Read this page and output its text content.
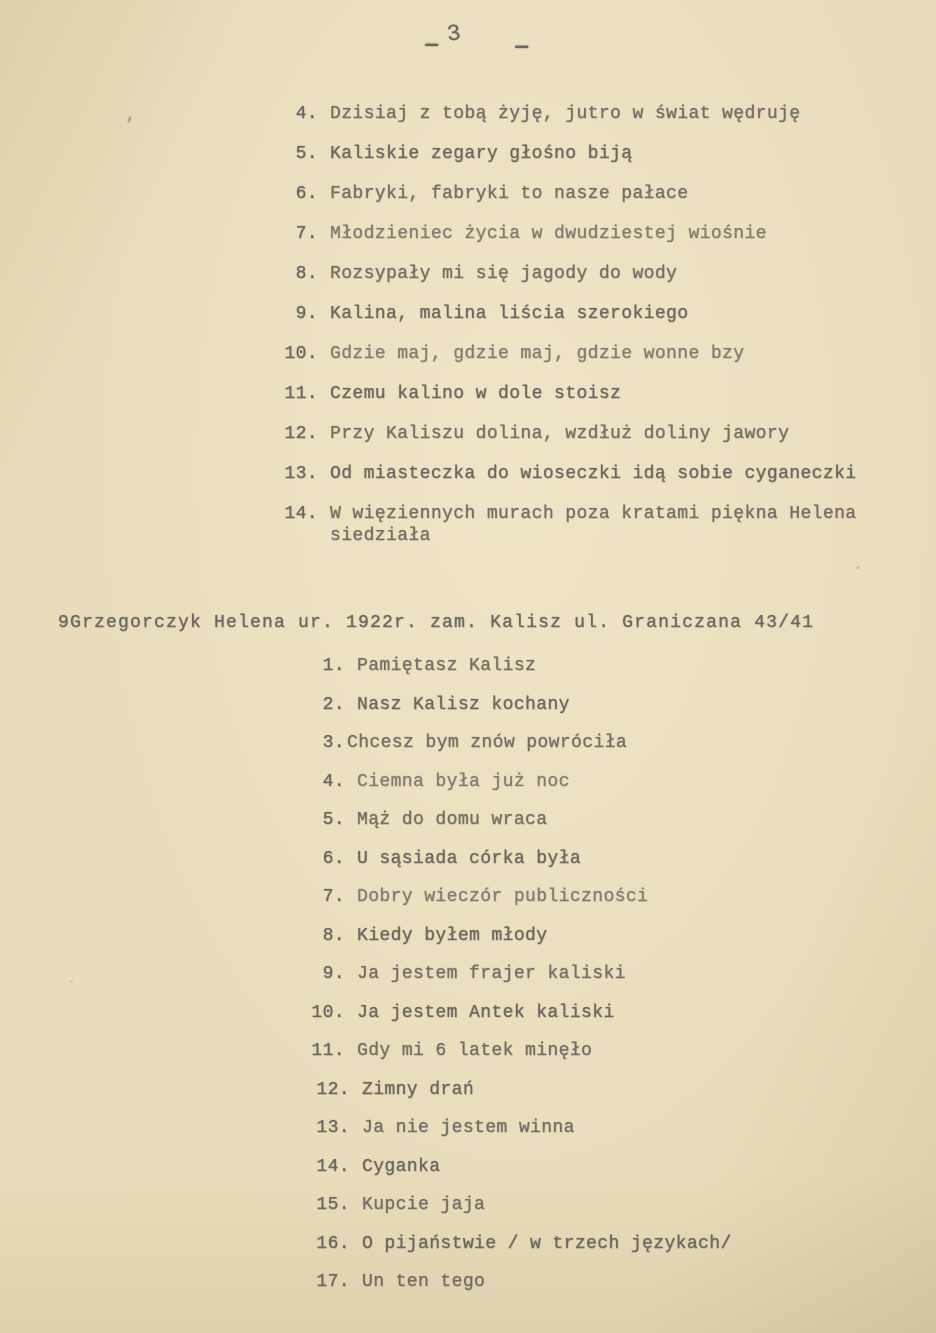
- 3 -
4. Dzisiaj z tobą żyję, jutro w świat wędruję
5. Kaliskie zegary głośno biją
6. Fabryki, fabryki to nasze pałace
7. Młodzieniec życia w dwudziestej wiośnie
8. Rozsypały mi się jagody do wody
9. Kalina, malina liścia szerokiego
10. Gdzie maj, gdzie maj, gdzie wonne bzy
11. Czemu kalino w dole stoisz
12. Przy Kaliszu dolina, wzdłuż doliny jawory
13. Od miasteczka do wioseczki idą sobie cyganeczki
14. W więziennych murach poza kratami piękna Helena
siedziała
9Grzegorczyk Helena ur. 1922r. zam. Kalisz ul. Graniczana 43/41
1. Pamiętasz Kalisz
2. Nasz Kalisz kochany
3. Chcesz bym znów powróciła
4. Ciemna była już noc
5. Mąż do domu wraca
6. U sąsiada córka była
7. Dobry wieczór publiczności
8. Kiedy byłem młody
9. Ja jestem frajer kaliski
10. Ja jestem Antek kaliski
11. Gdy mi 6 latek minęło
12. Zimny drań
13. Ja nie jestem winna
14. Cyganka
15. Kupcie jaja
16. O pijaństwie / w trzech językach/
17. Un ten tego
